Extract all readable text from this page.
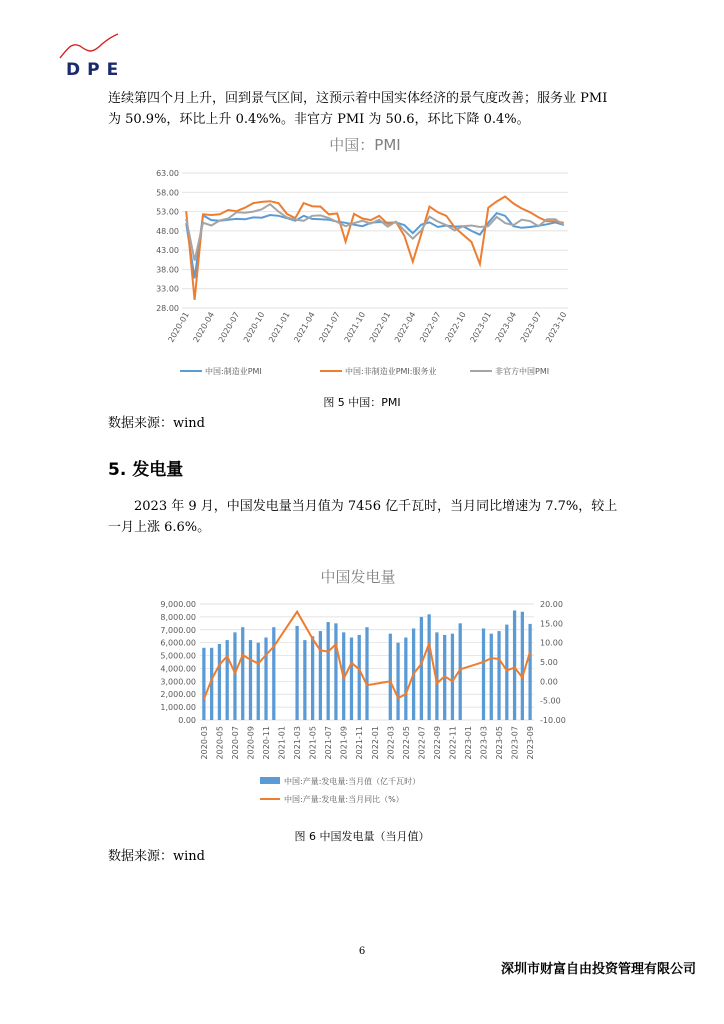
DPE
连续第四个月上升，回到景气区间，这预示着中国实体经济的景气度改善；服务业 PMI 为 50.9%，环比上升 0.4%%。非官方 PMI 为 50.6，环比下降 0.4%。
中国：PMI
28.00
33.00
38.00
43.00
48.00
53.00
58.00
63.00
2020-01 2020-04 2020-07 2020-10 2021-01 2021-04 2021-07 2021-10 2022-01 2022-04 2022-07 2022-10 2023-01 2023-04 2023-07 2023-10
中国:制造业PMI	中国:非制造业PMI:服务业	非官方中国PMI
图 5 中国：PMI
数据来源：wind
5. 发电量
2023 年 9 月，中国发电量当月值为 7456 亿千瓦时，当月同比增速为 7.7%，较上一月上涨 6.6%。
中国发电量
0.00
1,000.00
2,000.00
3,000.00
4,000.00
5,000.00
6,000.00
7,000.00
8,000.00
9,000.00
-10.00
-5.00
0.00
5.00
10.00
15.00
20.00
2020-03 2020-05 2020-07 2020-09 2020-11 2021-01 2021-03 2021-05 2021-07 2021-09 2021-11 2022-01 2022-03 2022-05 2022-07 2022-09 2022-11 2023-01 2023-03 2023-05 2023-07 2023-09
中国:产量:发电量:当月值（亿千瓦时）
中国:产量:发电量:当月同比（%）
图 6 中国发电量（当月值）
数据来源：wind
6
深圳市财富自由投资管理有限公司
